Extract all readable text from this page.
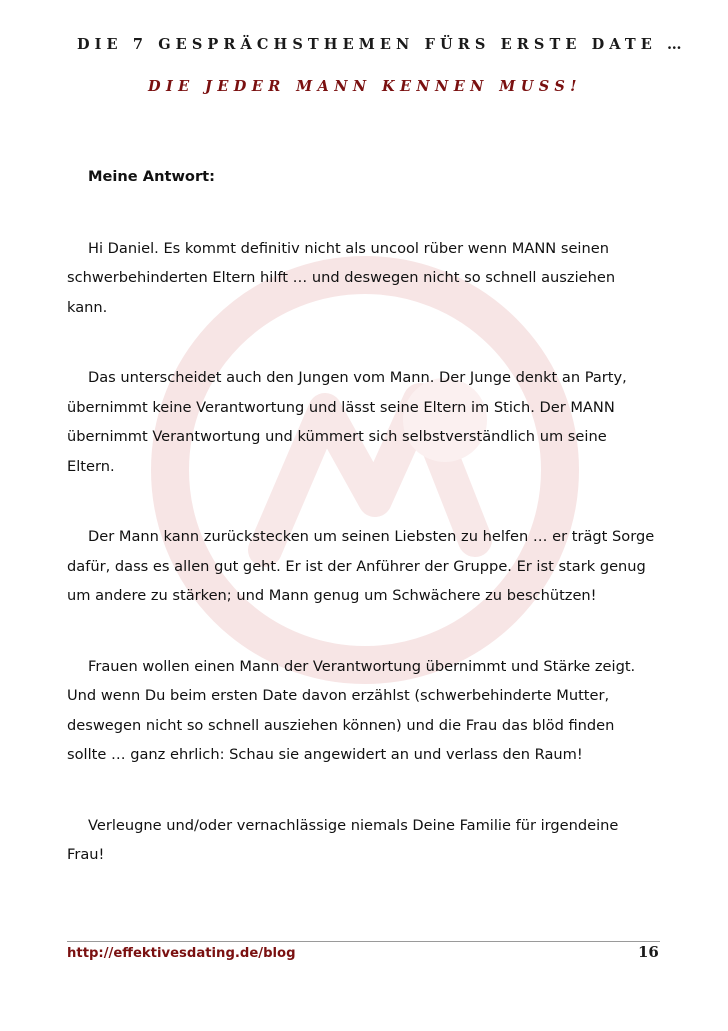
DIE 7 GESPRÄCHSTHEMEN FÜRS ERSTE DATE …
DIE JEDER MANN KENNEN MUSS!

Meine Antwort:

Hi Daniel. Es kommt definitiv nicht als uncool rüber wenn MANN seinen
schwerbehinderten Eltern hilft … und deswegen nicht so schnell ausziehen
kann.

Das unterscheidet auch den Jungen vom Mann. Der Junge denkt an Party,
übernimmt keine Verantwortung und lässt seine Eltern im Stich. Der MANN
übernimmt Verantwortung und kümmert sich selbstverständlich um seine
Eltern.

Der Mann kann zurückstecken um seinen Liebsten zu helfen … er trägt Sorge
dafür, dass es allen gut geht. Er ist der Anführer der Gruppe. Er ist stark genug
um andere zu stärken; und Mann genug um Schwächere zu beschützen!

Frauen wollen einen Mann der Verantwortung übernimmt und Stärke zeigt.
Und wenn Du beim ersten Date davon erzählst (schwerbehinderte Mutter,
deswegen nicht so schnell ausziehen können) und die Frau das blöd finden
sollte … ganz ehrlich: Schau sie angewidert an und verlass den Raum!

Verleugne und/oder vernachlässige niemals Deine Familie für irgendeine
Frau!

http://effektivesdating.de/blog	16
